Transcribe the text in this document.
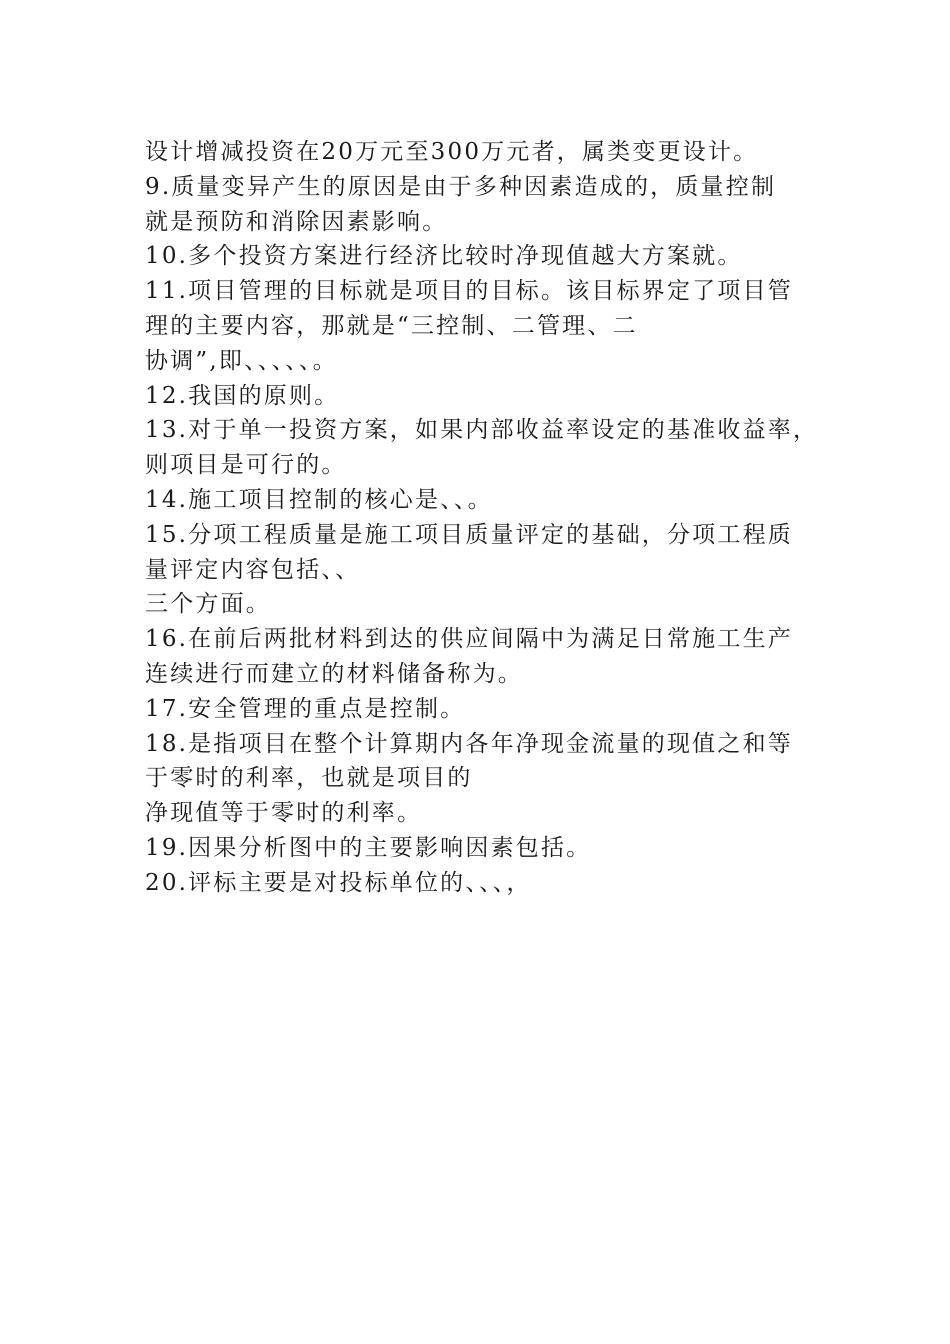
设计增减投资在20万元至300万元者，属类变更设计。
9.质量变异产生的原因是由于多种因素造成的，质量控制
就是预防和消除因素影响。
10.多个投资方案进行经济比较时净现值越大方案就。
11.项目管理的目标就是项目的目标。该目标界定了项目管
理的主要内容，那就是“三控制、二管理、二
协调”,即、、、、、。
12.我国的原则。
13.对于单一投资方案，如果内部收益率设定的基准收益率，
则项目是可行的。
14.施工项目控制的核心是、、。
15.分项工程质量是施工项目质量评定的基础，分项工程质
量评定内容包括、、
三个方面。
16.在前后两批材料到达的供应间隔中为满足日常施工生产
连续进行而建立的材料储备称为。
17.安全管理的重点是控制。
18.是指项目在整个计算期内各年净现金流量的现值之和等
于零时的利率，也就是项目的
净现值等于零时的利率。
19.因果分析图中的主要影响因素包括。
20.评标主要是对投标单位的、、、，
